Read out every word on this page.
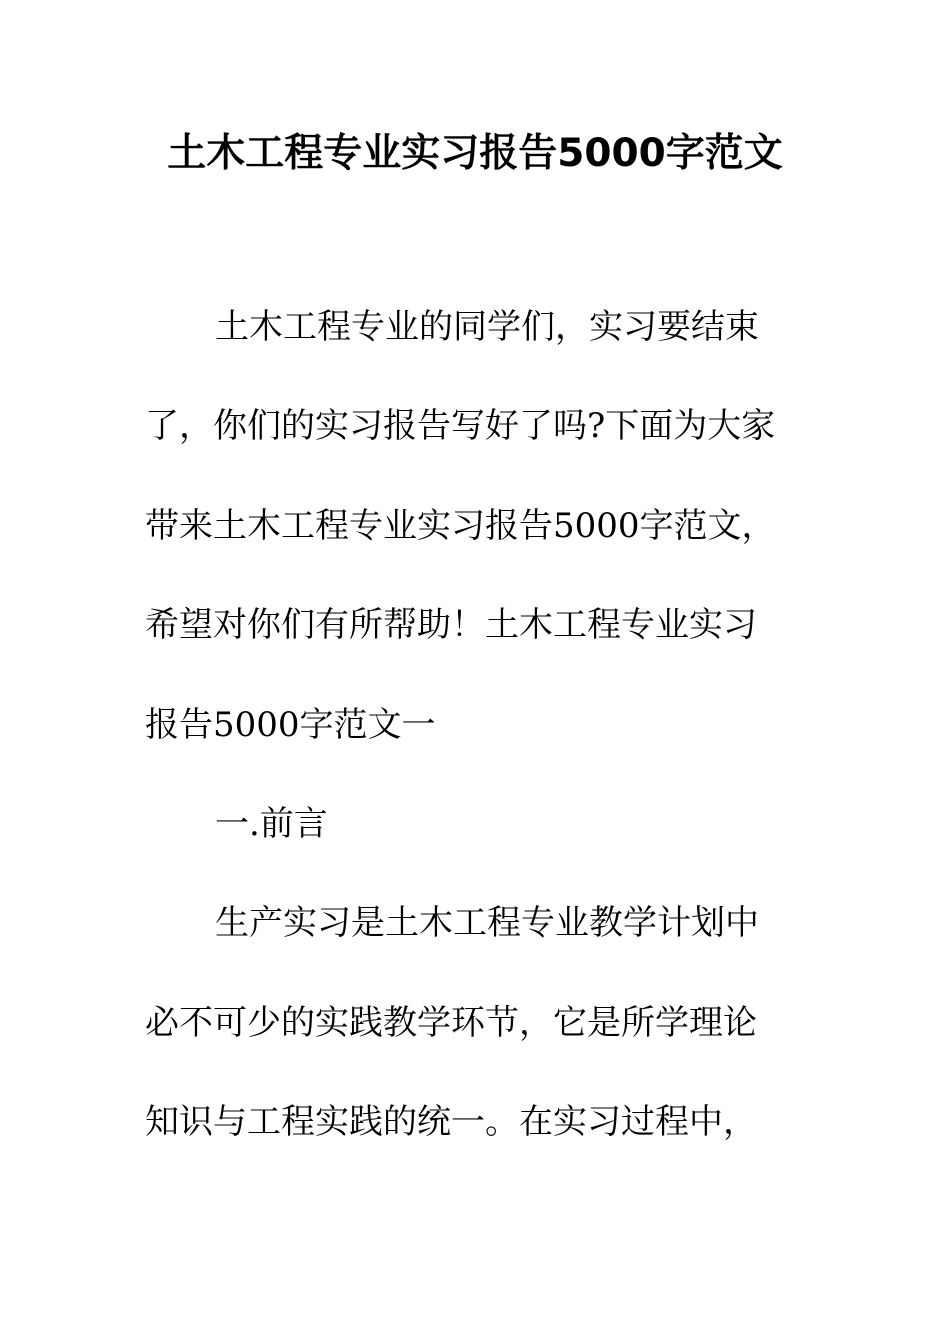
土木工程专业实习报告5000字范文

土木工程专业的同学们，实习要结束

了，你们的实习报告写好了吗?下面为大家

带来土木工程专业实习报告5000字范文，

希望对你们有所帮助！土木工程专业实习

报告5000字范文一

一.前言

生产实习是土木工程专业教学计划中

必不可少的实践教学环节，它是所学理论

知识与工程实践的统一。在实习过程中，
